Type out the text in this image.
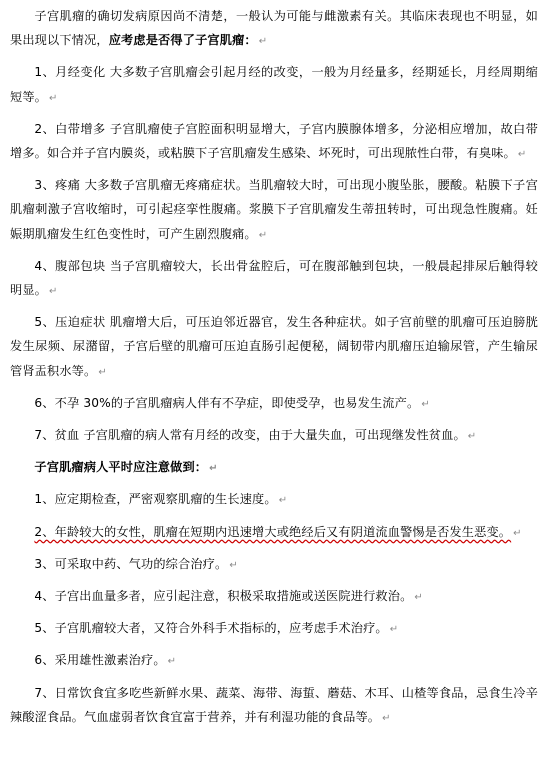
子宫肌瘤的确切发病原因尚不清楚，一般认为可能与雌激素有关。其临床表现也不明显，如果出现以下情况，应考虑是否得了子宫肌瘤： ↵

1、月经变化 大多数子宫肌瘤会引起月经的改变，一般为月经量多，经期延长，月经周期缩短等。 ↵

2、白带增多 子宫肌瘤使子宫腔面积明显增大，子宫内膜腺体增多，分泌相应增加，故白带增多。如合并子宫内膜炎，或粘膜下子宫肌瘤发生感染、坏死时，可出现脓性白带，有臭味。 ↵

3、疼痛 大多数子宫肌瘤无疼痛症状。当肌瘤较大时，可出现小腹坠胀，腰酸。粘膜下子宫肌瘤刺激子宫收缩时，可引起痉挛性腹痛。浆膜下子宫肌瘤发生蒂扭转时，可出现急性腹痛。妊娠期肌瘤发生红色变性时，可产生剧烈腹痛。 ↵

4、腹部包块 当子宫肌瘤较大，长出骨盆腔后，可在腹部触到包块，一般晨起排尿后触得较明显。 ↵

5、压迫症状 肌瘤增大后，可压迫邻近器官，发生各种症状。如子宫前壁的肌瘤可压迫膀胱发生尿频、尿潴留，子宫后壁的肌瘤可压迫直肠引起便秘，阔韧带内肌瘤压迫输尿管，产生输尿管肾盂积水等。 ↵

6、不孕 30%的子宫肌瘤病人伴有不孕症，即使受孕，也易发生流产。 ↵

7、贫血 子宫肌瘤的病人常有月经的改变，由于大量失血，可出现继发性贫血。 ↵

子宫肌瘤病人平时应注意做到： ↵

1、应定期检查，严密观察肌瘤的生长速度。 ↵

2、年龄较大的女性，肌瘤在短期内迅速增大或绝经后又有阴道流血警惕是否发生恶变。 ↵

3、可采取中药、气功的综合治疗。 ↵

4、子宫出血量多者，应引起注意，积极采取措施或送医院进行救治。 ↵

5、子宫肌瘤较大者，又符合外科手术指标的，应考虑手术治疗。 ↵

6、采用雄性激素治疗。 ↵

7、日常饮食宜多吃些新鲜水果、蔬菜、海带、海蜇、蘑菇、木耳、山楂等食品，忌食生冷辛辣酸涩食品。气血虚弱者饮食宜富于营养，并有利湿功能的食品等。 ↵
